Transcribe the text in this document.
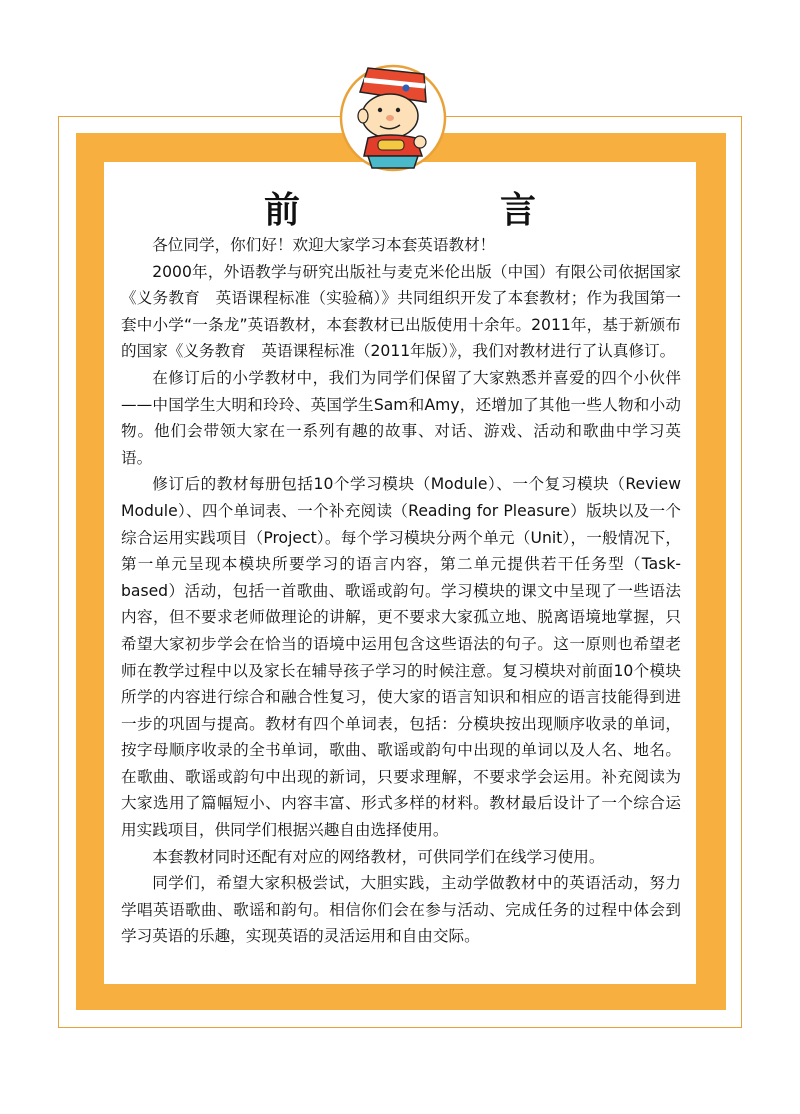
前　言

各位同学，你们好！欢迎大家学习本套英语教材！

2000年，外语教学与研究出版社与麦克米伦出版（中国）有限公司依据国家《义务教育　英语课程标准（实验稿）》共同组织开发了本套教材；作为我国第一套中小学“一条龙”英语教材，本套教材已出版使用十余年。2011年，基于新颁布的国家《义务教育　英语课程标准（2011年版）》，我们对教材进行了认真修订。

在修订后的小学教材中，我们为同学们保留了大家熟悉并喜爱的四个小伙伴——中国学生大明和玲玲、英国学生Sam和Amy，还增加了其他一些人物和小动物。他们会带领大家在一系列有趣的故事、对话、游戏、活动和歌曲中学习英语。

修订后的教材每册包括10个学习模块（Module）、一个复习模块（Review Module）、四个单词表、一个补充阅读（Reading for Pleasure）版块以及一个综合运用实践项目（Project）。每个学习模块分两个单元（Unit），一般情况下，第一单元呈现本模块所要学习的语言内容，第二单元提供若干任务型（Task-based）活动，包括一首歌曲、歌谣或韵句。学习模块的课文中呈现了一些语法内容，但不要求老师做理论的讲解，更不要求大家孤立地、脱离语境地掌握，只希望大家初步学会在恰当的语境中运用包含这些语法的句子。这一原则也希望老师在教学过程中以及家长在辅导孩子学习的时候注意。复习模块对前面10个模块所学的内容进行综合和融合性复习，使大家的语言知识和相应的语言技能得到进一步的巩固与提高。教材有四个单词表，包括：分模块按出现顺序收录的单词，按字母顺序收录的全书单词，歌曲、歌谣或韵句中出现的单词以及人名、地名。在歌曲、歌谣或韵句中出现的新词，只要求理解，不要求学会运用。补充阅读为大家选用了篇幅短小、内容丰富、形式多样的材料。教材最后设计了一个综合运用实践项目，供同学们根据兴趣自由选择使用。

本套教材同时还配有对应的网络教材，可供同学们在线学习使用。

同学们，希望大家积极尝试，大胆实践，主动学做教材中的英语活动，努力学唱英语歌曲、歌谣和韵句。相信你们会在参与活动、完成任务的过程中体会到学习英语的乐趣，实现英语的灵活运用和自由交际。
